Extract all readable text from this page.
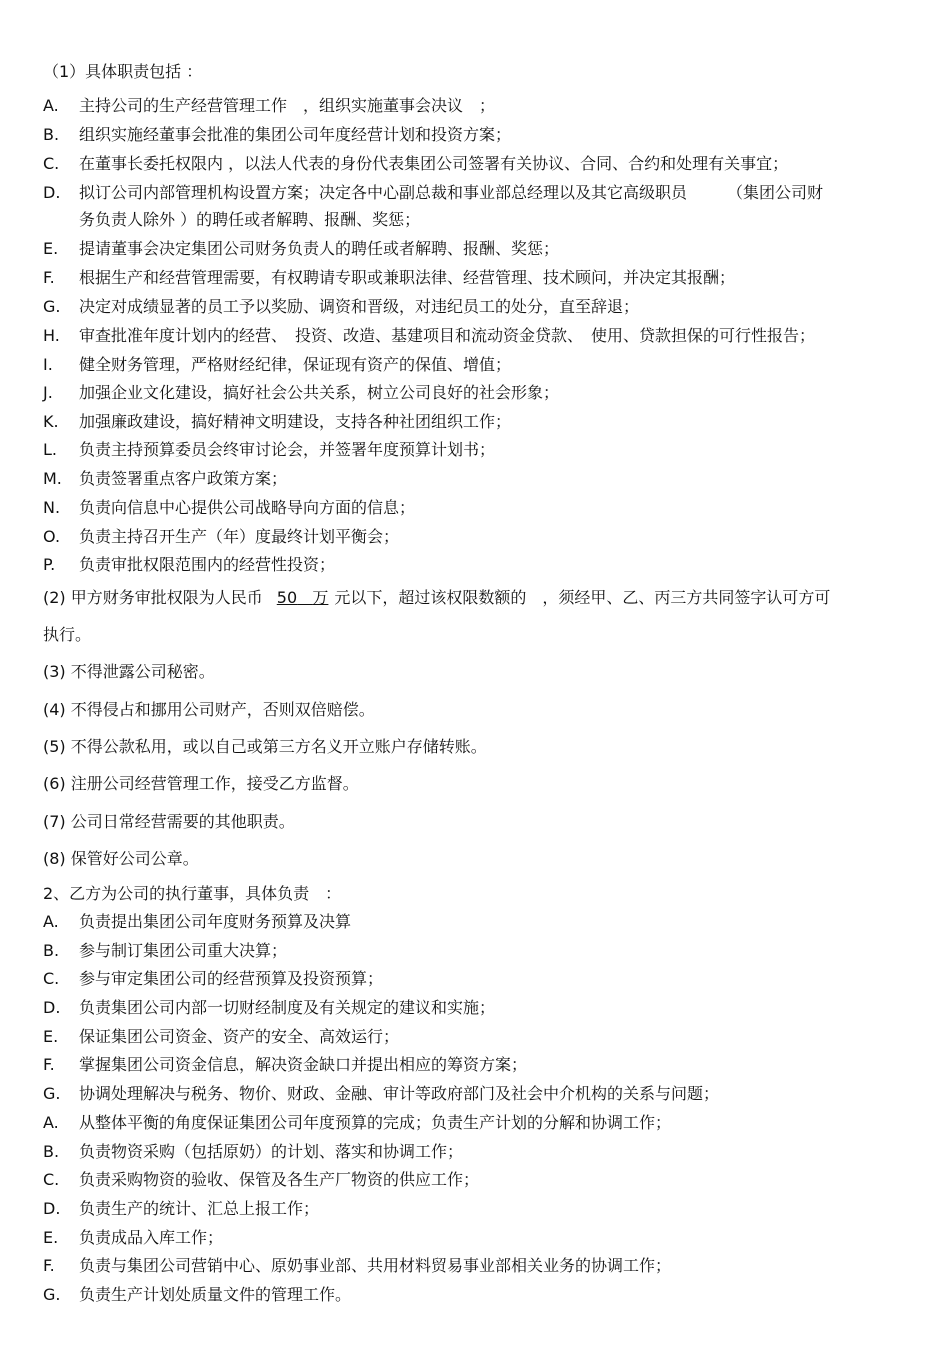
（1）具体职责包括 ：
A. 主持公司的生产经营管理工作　，组织实施董事会决议　；
B. 组织实施经董事会批准的集团公司年度经营计划和投资方案；
C. 在董事长委托权限内 ，以法人代表的身份代表集团公司签署有关协议、合同、合约和处理有关事宜；
D. 拟订公司内部管理机构设置方案；决定各中心副总裁和事业部总经理以及其它高级职员　　　（集团公司财
务负责人除外 ）的聘任或者解聘、报酬、奖惩；
E. 提请董事会决定集团公司财务负责人的聘任或者解聘、报酬、奖惩；
F. 根据生产和经营管理需要，有权聘请专职或兼职法律、经营管理、技术顾问，并决定其报酬；
G. 决定对成绩显著的员工予以奖励、调资和晋级，对违纪员工的处分，直至辞退；
H. 审查批准年度计划内的经营、　投资、改造、基建项目和流动资金贷款、　使用、贷款担保的可行性报告；
I. 健全财务管理，严格财经纪律，保证现有资产的保值、增值；
J. 加强企业文化建设，搞好社会公共关系，树立公司良好的社会形象；
K. 加强廉政建设，搞好精神文明建设，支持各种社团组织工作；
L. 负责主持预算委员会终审讨论会，并签署年度预算计划书；
M. 负责签署重点客户政策方案；
N. 负责向信息中心提供公司战略导向方面的信息；
O. 负责主持召开生产（年）度最终计划平衡会；
P. 负责审批权限范围内的经营性投资；
(2) 甲方财务审批权限为人民币 50 万 元以下，超过该权限数额的　，须经甲、乙、丙三方共同签字认可方可
执行。
(3) 不得泄露公司秘密。
(4) 不得侵占和挪用公司财产，否则双倍赔偿。
(5) 不得公款私用，或以自己或第三方名义开立账户存储转账。
(6) 注册公司经营管理工作，接受乙方监督。
(7) 公司日常经营需要的其他职责。
(8) 保管好公司公章。
2、乙方为公司的执行董事，具体负责　：
A. 负责提出集团公司年度财务预算及决算
B. 参与制订集团公司重大决算；
C. 参与审定集团公司的经营预算及投资预算；
D. 负责集团公司内部一切财经制度及有关规定的建议和实施；
E. 保证集团公司资金、资产的安全、高效运行；
F. 掌握集团公司资金信息，解决资金缺口并提出相应的筹资方案；
G. 协调处理解决与税务、物价、财政、金融、审计等政府部门及社会中介机构的关系与问题；
A. 从整体平衡的角度保证集团公司年度预算的完成；负责生产计划的分解和协调工作；
B. 负责物资采购（包括原奶）的计划、落实和协调工作；
C. 负责采购物资的验收、保管及各生产厂物资的供应工作；
D. 负责生产的统计、汇总上报工作；
E. 负责成品入库工作；
F. 负责与集团公司营销中心、原奶事业部、共用材料贸易事业部相关业务的协调工作；
G. 负责生产计划处质量文件的管理工作。
